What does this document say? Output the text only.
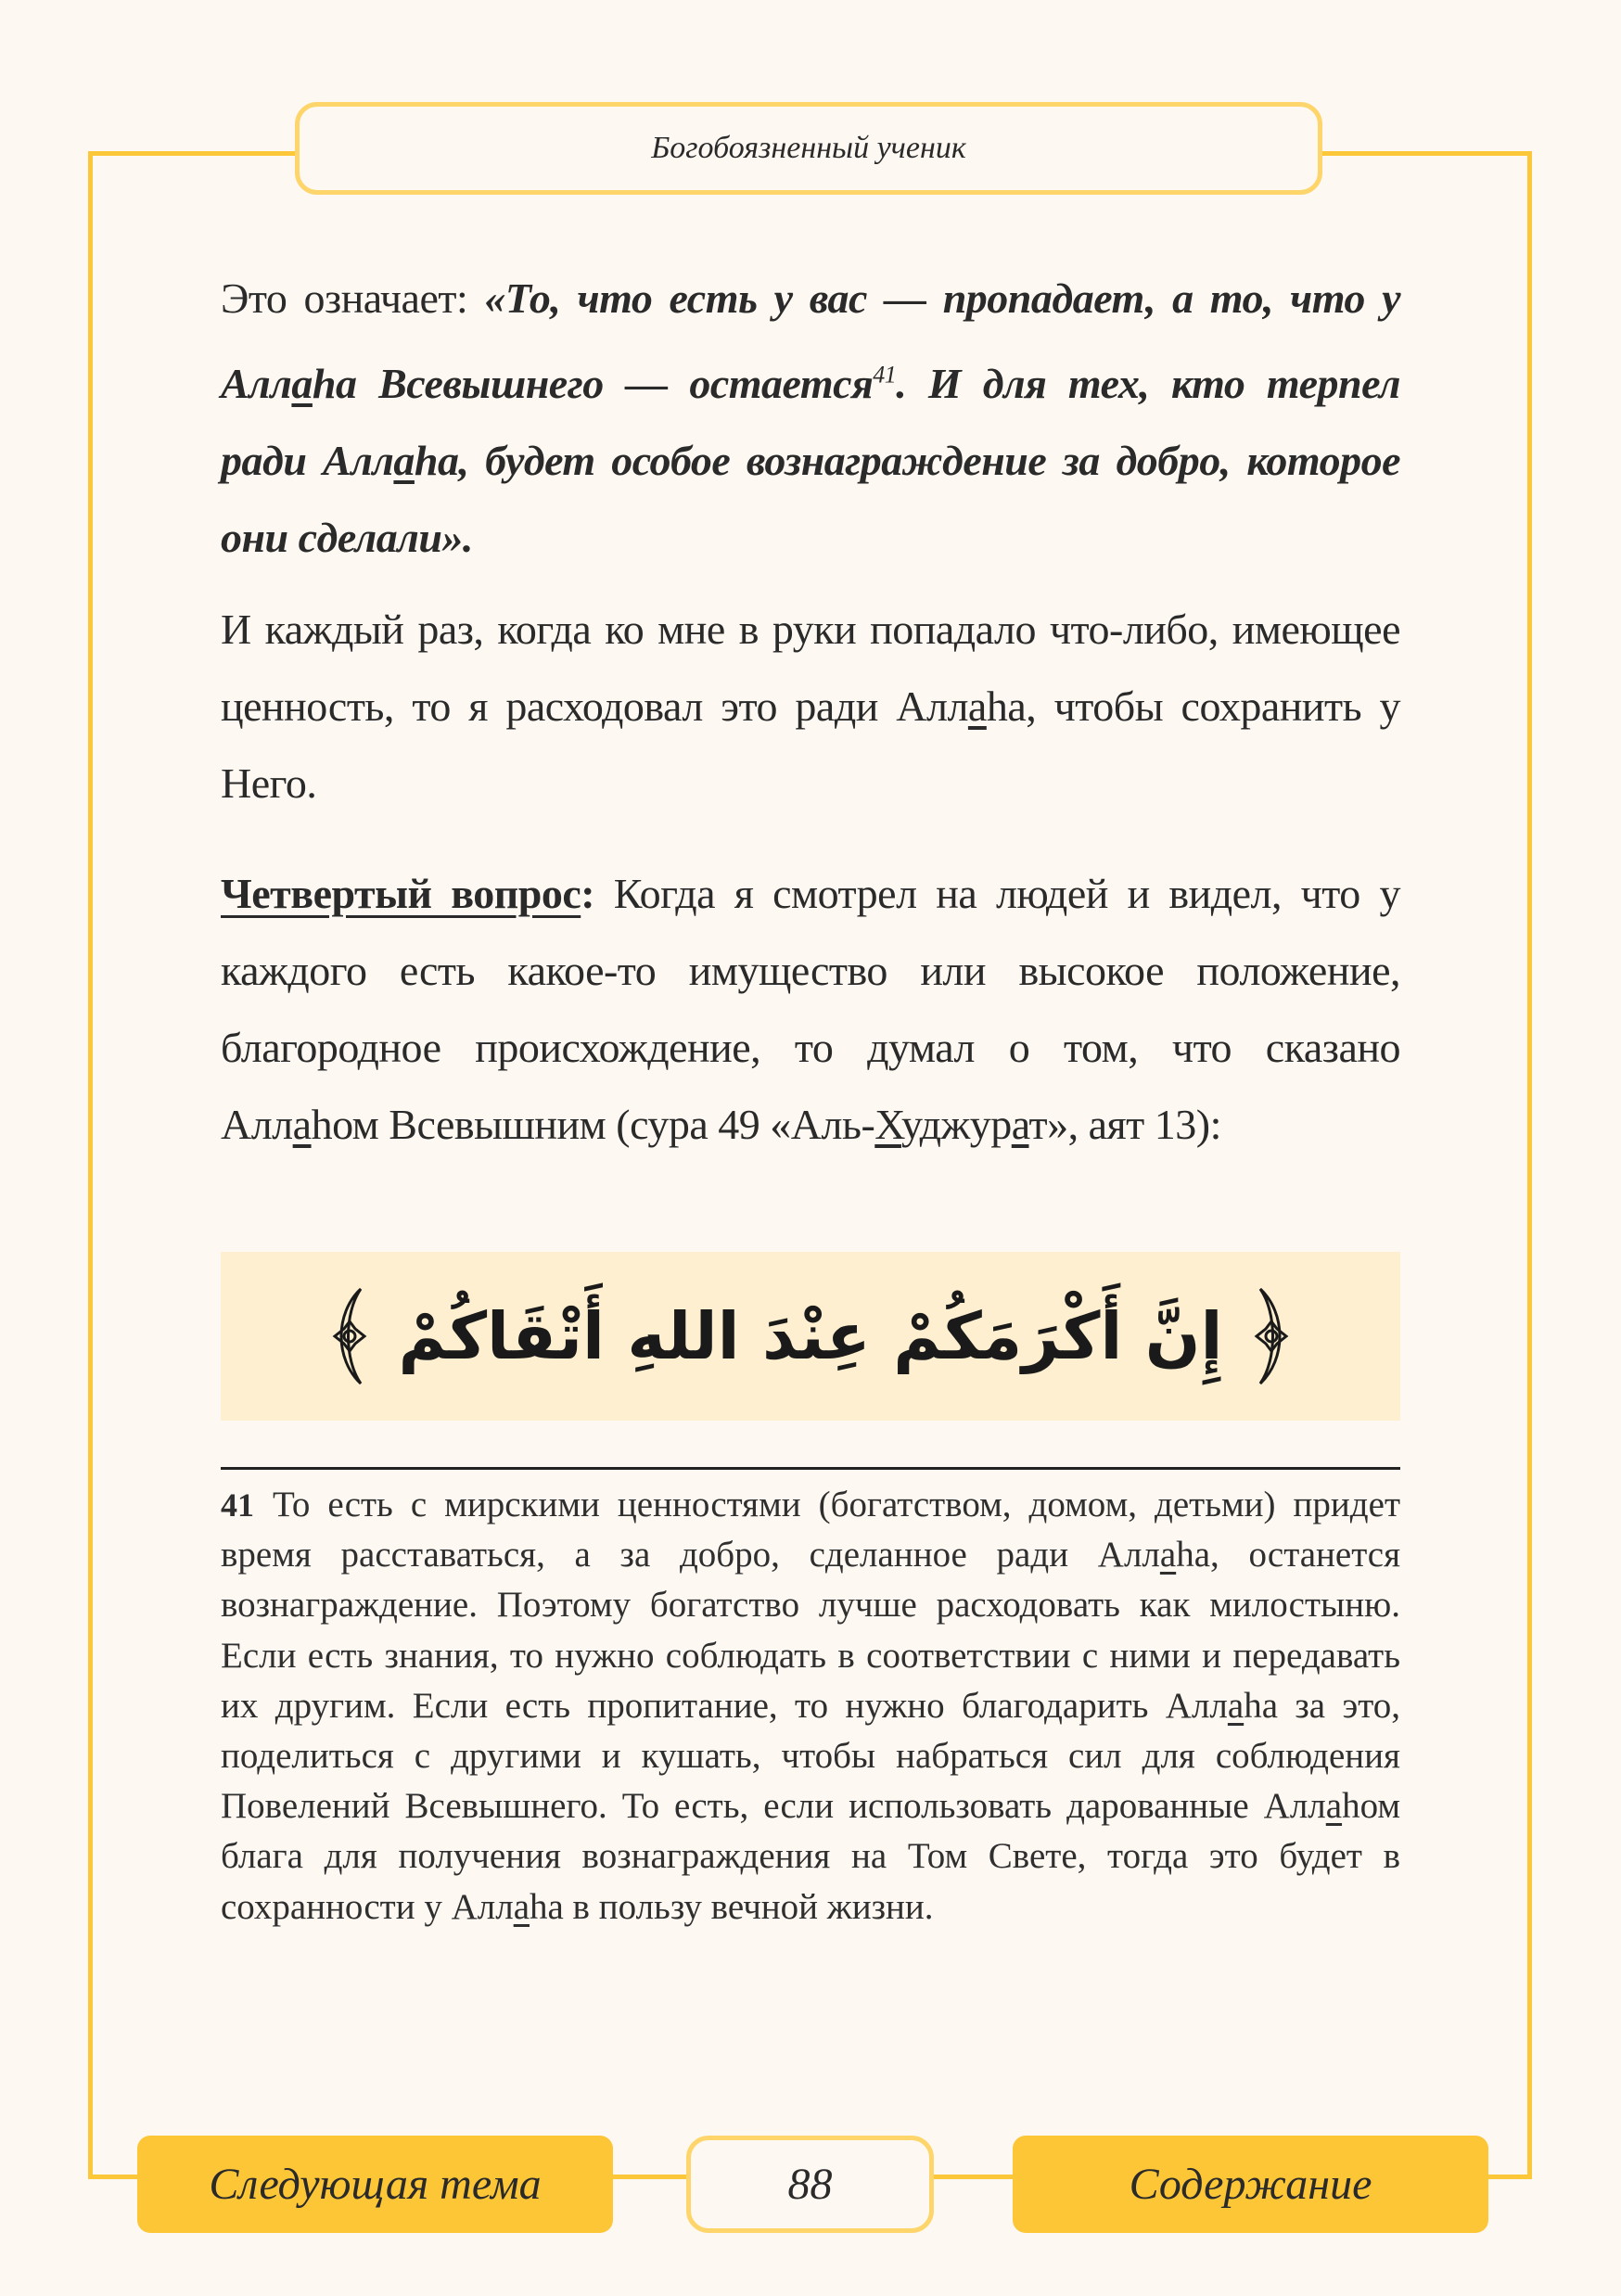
Богобоязненный ученик

Это означает: «То, что есть у вас — пропадает, а то, что у Аллahа Всевышнего — остается$^{41}$. И для тех, кто терпел ради Аллahа, будет особое вознаграждение за добро, которое они сделали».

И каждый раз, когда ко мне в руки попадало что-либо, имеющее ценность, то я расходовал это ради Аллahа, чтобы сохранить у Него.

Четвертый вопрос: Когда я смотрел на людей и видел, что у каждого есть какое-то имущество или высокое положение, благородное происхождение, то думал о том, что сказано Аллahом Всевышним (сура 49 «Аль-Худжурат», аят 13):

إِنَّ أَكْرَمَكُمْ عِنْدَ اللهِ أَتْقَاكُمْ
41 То есть с мирскими ценностями (богатством, домом, детьми) придет время расставаться, а за добро, сделанное ради Аллahа, останется вознаграждение. Поэтому богатство лучше расходовать как милостыню. Если есть знания, то нужно соблюдать в соответствии с ними и передавать их другим. Если есть пропитание, то нужно благодарить Аллahа за это, поделиться с другими и кушать, чтобы набраться сил для соблюдения Повелений Всевышнего. То есть, если использовать дарованные Аллahом блага для получения вознаграждения на Том Свете, тогда это будет в сохранности у Аллahа в пользу вечной жизни.
Следующая тема	88	Содержание
